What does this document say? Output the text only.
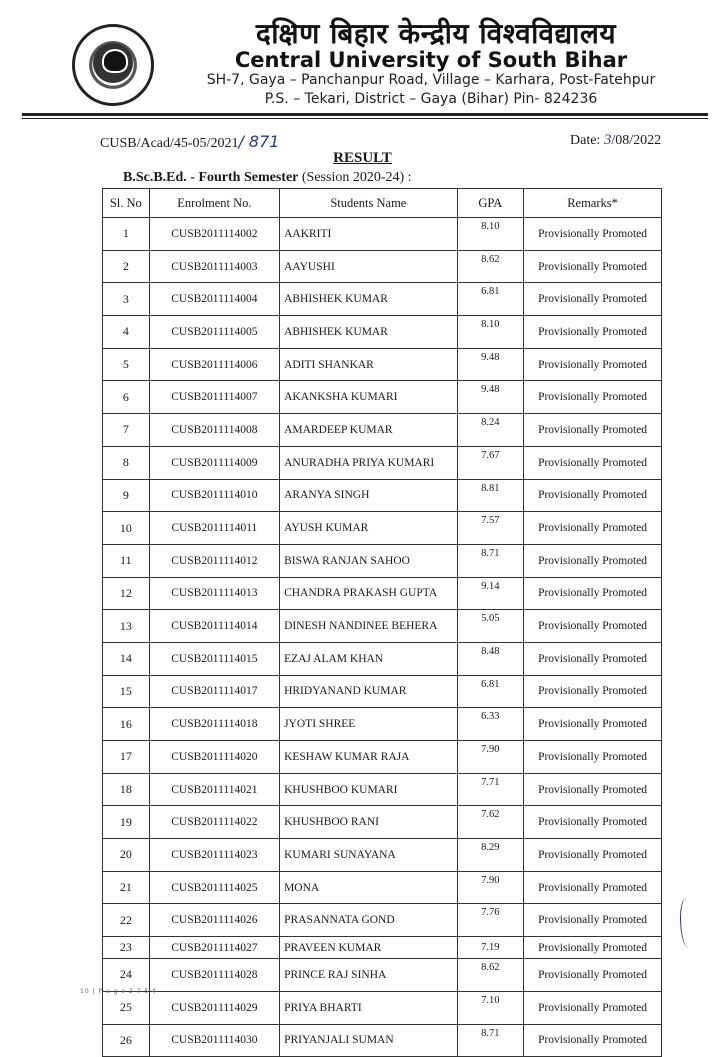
दक्षिण बिहार केन्द्रीय विश्वविद्यालय
Central University of South Bihar
SH-7, Gaya – Panchanpur Road, Village – Karhara, Post-Fatehpur
P.S. – Tekari, District – Gaya (Bihar) Pin- 824236
CUSB/Acad/45-05/2021/ 871	Date: 3/08/2022
RESULT
B.Sc.B.Ed. - Fourth Semester (Session 2020-24) :
Sl. No	Enrolment No.	Students Name	GPA	Remarks*
1	CUSB2011114002	AAKRITI	8.10	Provisionally Promoted
2	CUSB2011114003	AAYUSHI	8.62	Provisionally Promoted
3	CUSB2011114004	ABHISHEK KUMAR	6.81	Provisionally Promoted
4	CUSB2011114005	ABHISHEK KUMAR	8.10	Provisionally Promoted
5	CUSB2011114006	ADITI SHANKAR	9.48	Provisionally Promoted
6	CUSB2011114007	AKANKSHA KUMARI	9.48	Provisionally Promoted
7	CUSB2011114008	AMARDEEP KUMAR	8.24	Provisionally Promoted
8	CUSB2011114009	ANURADHA PRIYA KUMARI	7.67	Provisionally Promoted
9	CUSB2011114010	ARANYA SINGH	8.81	Provisionally Promoted
10	CUSB2011114011	AYUSH KUMAR	7.57	Provisionally Promoted
11	CUSB2011114012	BISWA RANJAN SAHOO	8.71	Provisionally Promoted
12	CUSB2011114013	CHANDRA PRAKASH GUPTA	9.14	Provisionally Promoted
13	CUSB2011114014	DINESH NANDINEE BEHERA	5.05	Provisionally Promoted
14	CUSB2011114015	EZAJ ALAM KHAN	8.48	Provisionally Promoted
15	CUSB2011114017	HRIDYANAND KUMAR	6.81	Provisionally Promoted
16	CUSB2011114018	JYOTI SHREE	6.33	Provisionally Promoted
17	CUSB2011114020	KESHAW KUMAR RAJA	7.90	Provisionally Promoted
18	CUSB2011114021	KHUSHBOO KUMARI	7.71	Provisionally Promoted
19	CUSB2011114022	KHUSHBOO RANI	7.62	Provisionally Promoted
20	CUSB2011114023	KUMARI SUNAYANA	8.29	Provisionally Promoted
21	CUSB2011114025	MONA	7.90	Provisionally Promoted
22	CUSB2011114026	PRASANNATA GOND	7.76	Provisionally Promoted
23	CUSB2011114027	PRAVEEN KUMAR	7.19	Provisionally Promoted
24	CUSB2011114028	PRINCE RAJ SINHA	8.62	Provisionally Promoted
25	CUSB2011114029	PRIYA BHARTI	7.10	Provisionally Promoted
26	CUSB2011114030	PRIYANJALI SUMAN	8.71	Provisionally Promoted
10 | P a g e 2 7 5 4
